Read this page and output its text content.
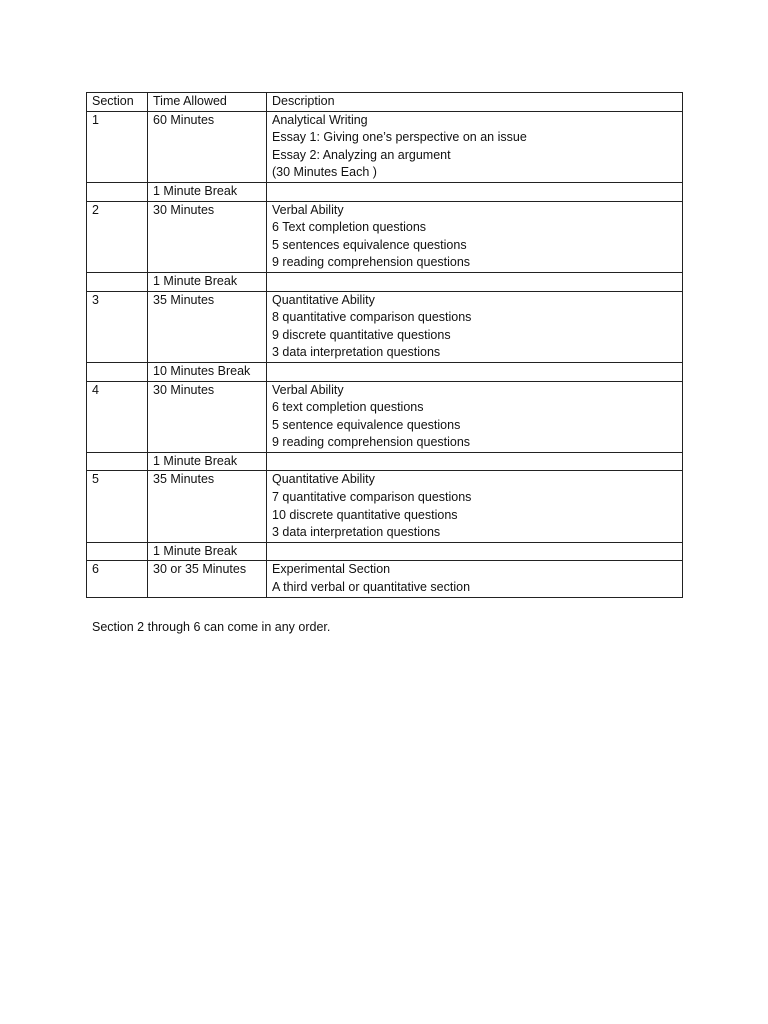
Section	Time Allowed	Description
1	60 Minutes	Analytical Writing
Essay 1: Giving one’s perspective on an issue
Essay 2: Analyzing an argument
(30 Minutes Each )

	1 Minute Break	
2	30 Minutes	Verbal Ability
6 Text completion questions
5 sentences equivalence questions
9 reading comprehension questions

	1 Minute Break	
3	35 Minutes	Quantitative Ability
8 quantitative comparison questions
9 discrete quantitative questions
3 data interpretation questions

	10 Minutes Break	
4	30 Minutes	Verbal Ability
6 text completion questions
5 sentence equivalence questions
9 reading comprehension questions

	1 Minute Break	
5	35 Minutes	Quantitative Ability
7 quantitative comparison questions
10 discrete quantitative questions
3 data interpretation questions

	1 Minute Break	
6	30 or 35 Minutes	Experimental Section
A third verbal or quantitative section
Section 2 through 6 can come in any order.
